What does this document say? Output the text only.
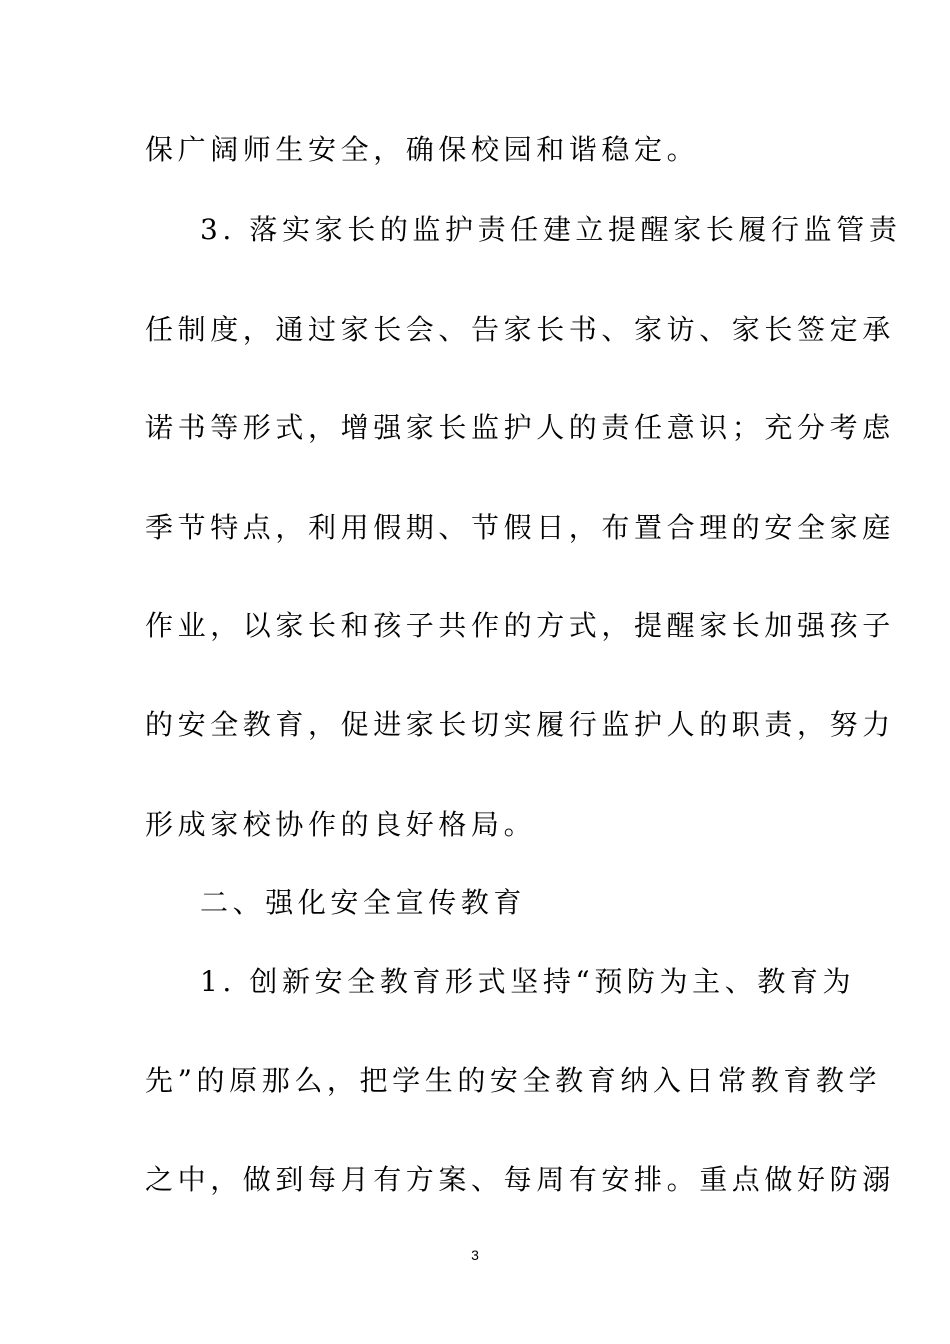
保广阔师生安全，确保校园和谐稳定。
3. 落实家长的监护责任建立提醒家长履行监管责
任制度，通过家长会、告家长书、家访、家长签定承
诺书等形式，增强家长监护人的责任意识；充分考虑
季节特点，利用假期、节假日，布置合理的安全家庭
作业，以家长和孩子共作的方式，提醒家长加强孩子
的安全教育，促进家长切实履行监护人的职责，努力
形成家校协作的良好格局。
二、强化安全宣传教育
1. 创新安全教育形式坚持“预防为主、教育为
先”的原那么，把学生的安全教育纳入日常教育教学
之中，做到每月有方案、每周有安排。重点做好防溺
3
